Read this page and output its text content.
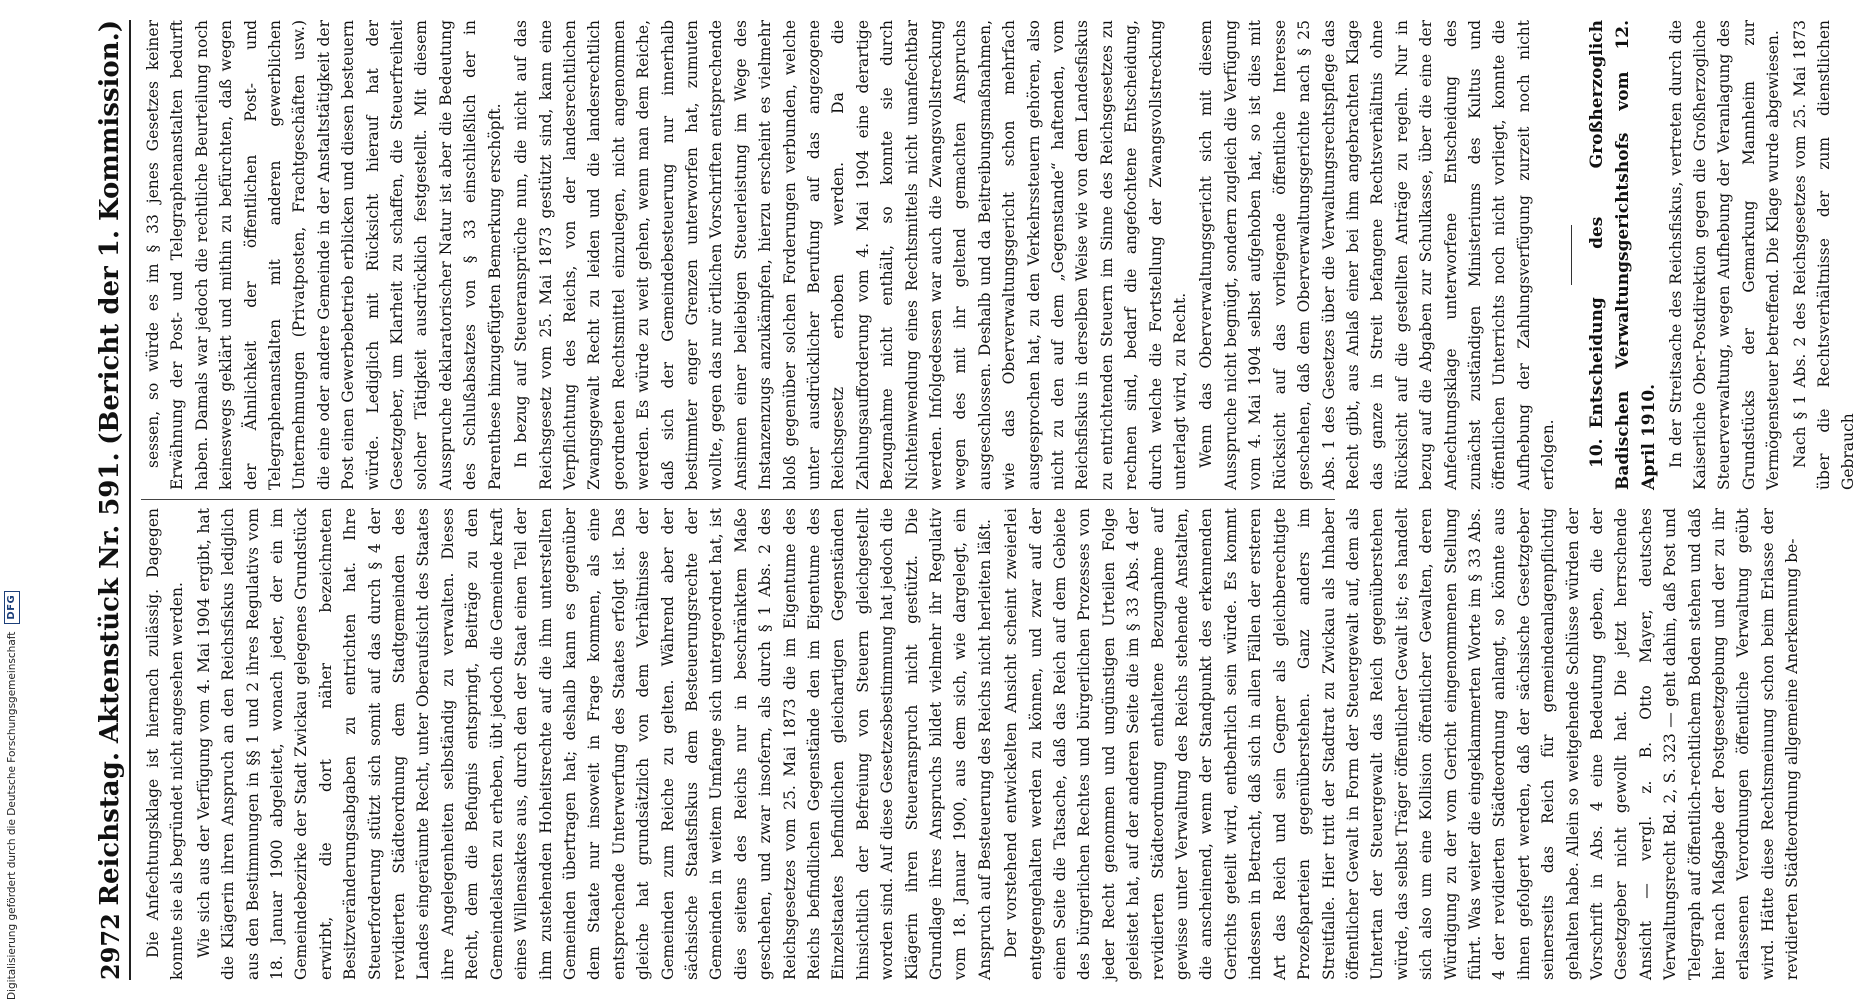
2972
Reichstag. Aktenstück Nr. 591.
(Bericht der 1. Kommission.)

Die Anfechtungsklage ist hiernach zulässig. Dagegen konnte sie als begründet nicht angesehen werden. Wie sich aus der Verfügung vom 4. Mai 1904 ergibt, hat die Klägerin ihren Anspruch an den Reichsfiskus lediglich aus den Bestimmungen in §§ 1 und 2 ihres Regulativs vom 18. Januar 1900 abgeleitet, wonach jeder, der ein im Gemeindebezirke der Stadt Zwickau gelegenes Grundstück erwirbt, die dort näher bezeichneten Besitzveränderungsabgaben zu entrichten hat. Ihre Steuerforderung stützt sich somit auf das durch § 4 der revidierten Städteordnung dem Stadtgemeinden des Landes eingeräumte Recht, unter Oberaufsicht des Staates ihre Angelegenheiten selbständig zu verwalten. Dieses Recht, dem die Befugnis entspringt, Beiträge zu den Gemeindelasten zu erheben, übt jedoch die Gemeinde kraft eines Willensaktes aus, durch den der Staat einen Teil der ihm zustehenden Hoheitsrechte auf die ihm unterstellten Gemeinden übertragen hat; deshalb kann es gegenüber dem Staate nur insoweit in Frage kommen, als eine entsprechende Unterwerfung des Staates erfolgt ist. Das gleiche hat grundsätzlich von dem Verhältnisse der Gemeinden zum Reiche zu gelten. Während aber der sächsische Staatsfiskus dem Besteuerungsrechte der Gemeinden in weitem Umfange sich untergeordnet hat, ist dies seitens des Reichs nur in beschränktem Maße geschehen, und zwar insofern, als durch § 1 Abs. 2 des Reichsgesetzes vom 25. Mai 1873 die im Eigentume des Reichs befindlichen Gegenstände den im Eigentume des Einzelstaates befindlichen gleichartigen Gegenständen hinsichtlich der Befreiung von Steuern gleichgestellt worden sind. Auf diese Gesetzesbestimmung hat jedoch die Klägerin ihren Steueranspruch nicht gestützt. Die Grundlage ihres Anspruchs bildet vielmehr ihr Regulativ vom 18. Januar 1900, aus dem sich, wie dargelegt, ein Anspruch auf Besteuerung des Reichs nicht herleiten läßt. Der vorstehend entwickelten Ansicht scheint zweierlei entgegengehalten werden zu können, und zwar auf der einen Seite die Tatsache, daß das Reich auf dem Gebiete des bürgerlichen Rechtes und bürgerlichen Prozesses von jeder Recht genommen und ungünstigen Urteilen Folge geleistet hat, auf der anderen Seite die im § 33 Abs. 4 der revidierten Städteordnung enthaltene Bezugnahme auf gewisse unter Verwaltung des Reichs stehende Anstalten, die anscheinend, wenn der Standpunkt des erkennenden Gerichts geteilt wird, entbehrlich sein würde. Es kommt indessen in Betracht, daß sich in allen Fällen der ersteren Art das Reich und sein Gegner als gleichberechtigte Prozeßparteien gegenüberstehen. Ganz anders im Streitfalle. Hier tritt der Stadtrat zu Zwickau als Inhaber öffentlicher Gewalt in Form der Steuergewalt auf, dem als Untertan der Steuergewalt das Reich gegenüberstehen würde, das selbst Träger öffentlicher Gewalt ist; es handelt sich also um eine Kollision öffentlicher Gewalten, deren Würdigung zu der vom Gericht eingenommenen Stellung führt. Was weiter die eingeklammerten Worte im § 33 Abs. 4 der revidierten Städteordnung anlangt, so könnte aus ihnen gefolgert werden, daß der sächsische Gesetzgeber seinerseits das Reich für gemeindeanlagenpflichtig gehalten habe. Allein so weitgehende Schlüsse würden der Vorschrift in Abs. 4 eine Bedeutung geben, die der Gesetzgeber nicht gewollt hat. Die jetzt herrschende Ansicht — vergl. z. B. Otto Mayer, deutsches Verwaltungsrecht Bd. 2, S. 323 — geht dahin, daß Post und Telegraph auf öffentlich-rechtlichem Boden stehen und daß hier nach Maßgabe der Postgesetzgebung und der zu ihr erlassenen Verordnungen öffentliche Verwaltung geübt wird. Hätte diese Rechtsmeinung schon beim Erlasse der revidierten Städteordnung allgemeine Anerkennung be-

sessen, so würde es im § 33 jenes Gesetzes keiner Erwähnung der Post- und Telegraphenanstalten bedurft haben. Damals war jedoch die rechtliche Beurteilung noch keineswegs geklärt und mithin zu befürchten, daß wegen der Ähnlichkeit der öffentlichen Post- und Telegraphenanstalten mit anderen gewerblichen Unternehmungen (Privatposten, Frachtgeschäften usw.) die eine oder andere Gemeinde in der Anstaltstätigkeit der Post einen Gewerbebetrieb erblicken und diesen besteuern würde. Lediglich mit Rücksicht hierauf hat der Gesetzgeber, um Klarheit zu schaffen, die Steuerfreiheit solcher Tätigkeit ausdrücklich festgestellt. Mit diesem Ausspruche deklaratorischer Natur ist aber die Bedeutung des Schlußabsatzes von § 33 einschließlich der in Parenthese hinzugefügten Bemerkung erschöpft. In bezug auf Steueransprüche nun, die nicht auf das Reichsgesetz vom 25. Mai 1873 gestützt sind, kann eine Verpflichtung des Reichs, von der landesrechtlichen Zwangsgewalt Recht zu leiden und die landesrechtlich geordneten Rechtsmittel einzulegen, nicht angenommen werden. Es würde zu weit gehen, wenn man dem Reiche, daß sich der Gemeindebesteuerung nur innerhalb bestimmter enger Grenzen unterworfen hat, zumuten wollte, gegen das nur örtlichen Vorschriften entsprechende Ansinnen einer beliebigen Steuerleistung im Wege des Instanzenzugs anzukämpfen, hierzu erscheint es vielmehr bloß gegenüber solchen Forderungen verbunden, welche unter ausdrücklicher Berufung auf das angezogene Reichsgesetz erhoben werden. Da die Zahlungsaufforderung vom 4. Mai 1904 eine derartige Bezugnahme nicht enthält, so konnte sie durch Nichteinwendung eines Rechtsmittels nicht unanfechtbar werden. Infolgedessen war auch die Zwangsvollstreckung wegen des mit ihr geltend gemachten Anspruchs ausgeschlossen. Deshalb und da Beitreibungsmaßnahmen, wie das Oberverwaltungsgericht schon mehrfach ausgesprochen hat, zu den Verkehrssteuern gehören, also nicht zu den auf dem „Gegenstande“ haftenden, vom Reichsfiskus in derselben Weise wie von dem Landesfiskus zu entrichtenden Steuern im Sinne des Reichsgesetzes zu rechnen sind, bedarf die angefochtene Entscheidung, durch welche die Fortstellung der Zwangsvollstreckung unterlagt wird, zu Recht. Wenn das Oberverwaltungsgericht sich mit diesem Ausspruche nicht begnügt, sondern zugleich die Verfügung vom 4. Mai 1904 selbst aufgehoben hat, so ist dies mit Rücksicht auf das vorliegende öffentliche Interesse geschehen, daß dem Oberverwaltungsgerichte nach § 25 Abs. 1 des Gesetzes über die Verwaltungsrechtspflege das Recht gibt, aus Anlaß einer bei ihm angebrachten Klage das ganze in Streit befangene Rechtsverhältnis ohne Rücksicht auf die gestellten Anträge zu regeln. Nur in bezug auf die Abgaben zur Schulkasse, über die eine der Anfechtungsklage unterworfene Entscheidung des zunächst zuständigen Ministeriums des Kultus und öffentlichen Unterrichts noch nicht vorliegt, konnte die Aufhebung der Zahlungsverfügung zurzeit noch nicht erfolgen. 10.Entscheidung des Großherzoglich Badischen Verwaltungsgerichtshofs vom 12. April 1910. In der Streitsache des Reichsfiskus, vertreten durch die Kaiserliche Ober-Postdirektion gegen die Großherzogliche Steuerverwaltung, wegen Aufhebung der Veranlagung des Grundstücks der Gemarkung Mannheim zur Vermögensteuer betreffend. Die Klage wurde abgewiesen. Nach § 1 Abs. 2 des Reichsgesetzes vom 25. Mai 1873 über die Rechtsverhältnisse der zum dienstlichen Gebrauch

Digitalisierung gefördert durch die Deutsche Forschungsgemeinschaft
DFG
